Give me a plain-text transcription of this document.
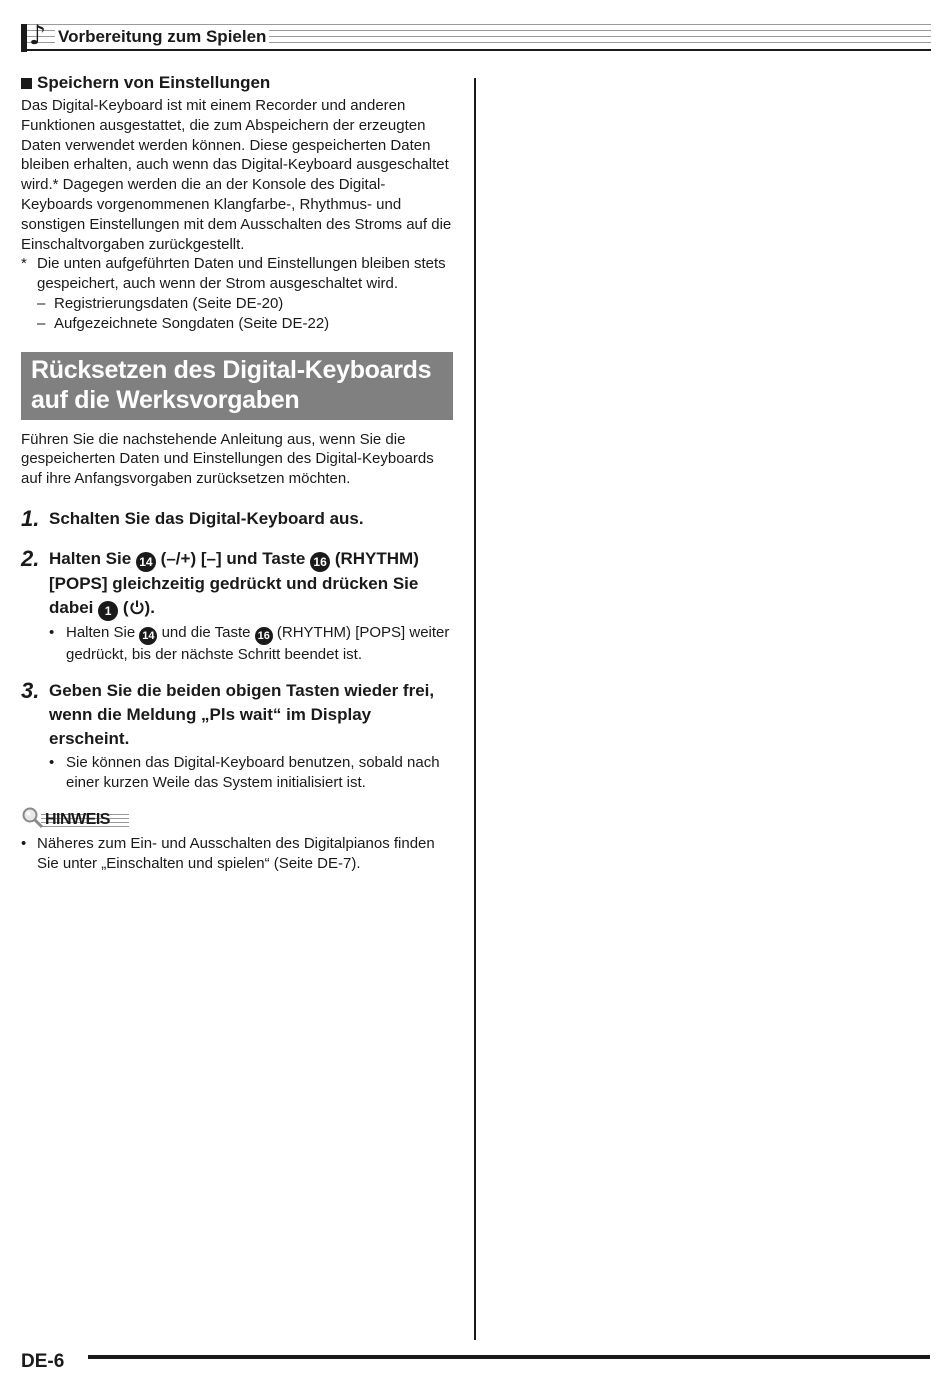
♪ Vorbereitung zum Spielen
Speichern von Einstellungen

Das Digital-Keyboard ist mit einem Recorder und anderen Funktionen ausgestattet, die zum Abspeichern der erzeugten Daten verwendet werden können. Diese gespeicherten Daten bleiben erhalten, auch wenn das Digital-Keyboard ausgeschaltet wird.* Dagegen werden die an der Konsole des Digital-Keyboards vorgenommenen Klangfarbe-, Rhythmus- und sonstigen Einstellungen mit dem Ausschalten des Stroms auf die Einschaltvorgaben zurückgestellt.

* Die unten aufgeführten Daten und Einstellungen bleiben stets gespeichert, auch wenn der Strom ausgeschaltet wird.
– Registrierungsdaten (Seite DE-20)
– Aufgezeichnete Songdaten (Seite DE-22)
Rücksetzen des Digital-Keyboards
auf die Werksvorgaben

Führen Sie die nachstehende Anleitung aus, wenn Sie die gespeicherten Daten und Einstellungen des Digital-Keyboards auf ihre Anfangsvorgaben zurücksetzen möchten.

1. Schalten Sie das Digital-Keyboard aus.
2. Halten Sie 14 (–/+) [–] und Taste 16 (RHYTHM) [POPS] gleichzeitig gedrückt und drücken Sie dabei 1 ( ).
• Halten Sie 14 und die Taste 16 (RHYTHM) [POPS] weiter gedrückt, bis der nächste Schritt beendet ist.
3. Geben Sie die beiden obigen Tasten wieder frei, wenn die Meldung „Pls wait“ im Display erscheint.
• Sie können das Digital-Keyboard benutzen, sobald nach einer kurzen Weile das System initialisiert ist.
HINWEIS
• Näheres zum Ein- und Ausschalten des Digitalpianos finden Sie unter „Einschalten und spielen“ (Seite DE-7).
DE-6
